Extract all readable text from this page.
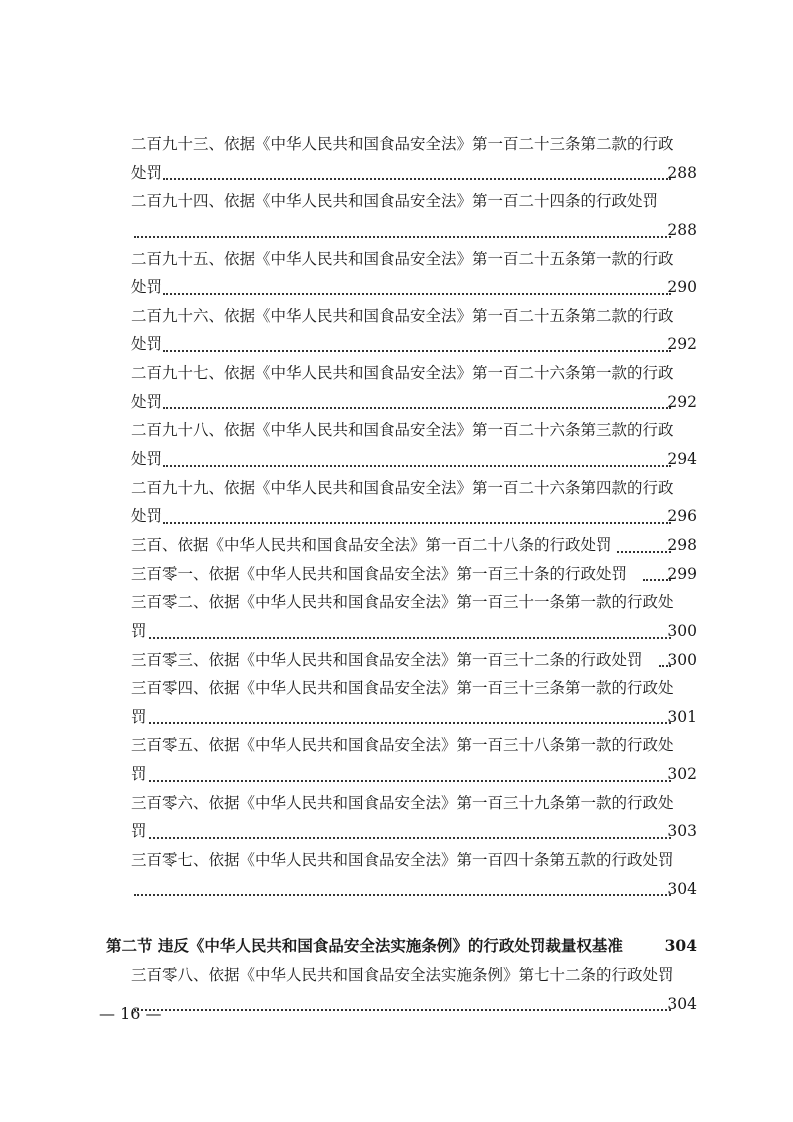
二百九十三、依据《中华人民共和国食品安全法》第一百二十三条第二款的行政
处罚	288
二百九十四、依据《中华人民共和国食品安全法》第一百二十四条的行政处罚
288
二百九十五、依据《中华人民共和国食品安全法》第一百二十五条第一款的行政
处罚	290
二百九十六、依据《中华人民共和国食品安全法》第一百二十五条第二款的行政
处罚	292
二百九十七、依据《中华人民共和国食品安全法》第一百二十六条第一款的行政
处罚	292
二百九十八、依据《中华人民共和国食品安全法》第一百二十六条第三款的行政
处罚	294
二百九十九、依据《中华人民共和国食品安全法》第一百二十六条第四款的行政
处罚	296
三百、依据《中华人民共和国食品安全法》第一百二十八条的行政处罚	298
三百零一、依据《中华人民共和国食品安全法》第一百三十条的行政处罚	299
三百零二、依据《中华人民共和国食品安全法》第一百三十一条第一款的行政处
罚	300
三百零三、依据《中华人民共和国食品安全法》第一百三十二条的行政处罚 300
三百零四、依据《中华人民共和国食品安全法》第一百三十三条第一款的行政处
罚	301
三百零五、依据《中华人民共和国食品安全法》第一百三十八条第一款的行政处
罚	302
三百零六、依据《中华人民共和国食品安全法》第一百三十九条第一款的行政处
罚	303
三百零七、依据《中华人民共和国食品安全法》第一百四十条第五款的行政处罚
304
第二节 违反《中华人民共和国食品安全法实施条例》的行政处罚裁量权基准	304
三百零八、依据《中华人民共和国食品安全法实施条例》第七十二条的行政处罚
304
— 16 —
